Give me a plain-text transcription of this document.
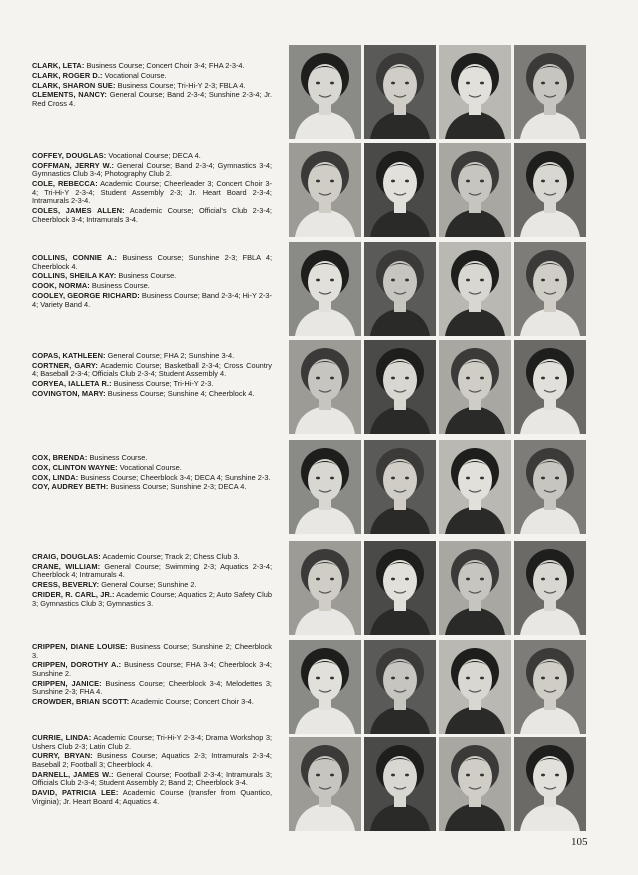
CLARK, LETA: Business Course; Concert Choir 3-4; FHA 2-3-4.

CLARK, ROGER D.: Vocational Course.

CLARK, SHARON SUE: Business Course; Tri-Hi-Y 2-3; FBLA 4.

CLEMENTS, NANCY: General Course; Band 2-3-4; Sunshine 2-3-4; Jr. Red Cross 4.

COFFEY, DOUGLAS: Vocational Course; DECA 4.

COFFMAN, JERRY W.: General Course; Band 2-3-4; Gymnastics 3-4; Gymnastics Club 3-4; Photography Club 2.

COLE, REBECCA: Academic Course; Cheerleader 3; Concert Choir 3-4; Tri-Hi-Y 2-3-4; Student Assembly 2-3; Jr. Heart Board 2-3-4; Intramurals 2-3-4.

COLES, JAMES ALLEN: Academic Course; Official's Club 2-3-4; Cheerblock 3-4; Intramurals 3-4.

COLLINS, CONNIE A.: Business Course; Sunshine 2-3; FBLA 4; Cheerblock 4.

COLLINS, SHEILA KAY: Business Course.

COOK, NORMA: Business Course.

COOLEY, GEORGE RICHARD: Business Course; Band 2-3-4; Hi-Y 2-3-4; Variety Band 4.

COPAS, KATHLEEN: General Course; FHA 2; Sunshine 3-4.

CORTNER, GARY: Academic Course; Basketball 2-3-4; Cross Country 4; Baseball 2-3-4; Officials Club 2-3-4; Student Assembly 4.

CORYEA, IALLETA R.: Business Course; Tri-Hi-Y 2-3.

COVINGTON, MARY: Business Course; Sunshine 4; Cheerblock 4.

COX, BRENDA: Business Course.

COX, CLINTON WAYNE: Vocational Course.

COX, LINDA: Business Course; Cheerblock 3-4; DECA 4; Sunshine 2-3.

COY, AUDREY BETH: Business Course; Sunshine 2-3; DECA 4.

CRAIG, DOUGLAS: Academic Course; Track 2; Chess Club 3.

CRANE, WILLIAM: General Course; Swimming 2-3; Aquatics 2-3-4; Cheerblock 4; Intramurals 4.

CRESS, BEVERLY: General Course; Sunshine 2.

CRIDER, R. CARL, JR.: Academic Course; Aquatics 2; Auto Safety Club 3; Gymnastics Club 3; Gymnastics 3.

CRIPPEN, DIANE LOUISE: Business Course; Sunshine 2; Cheerblock 3.

CRIPPEN, DOROTHY A.: Business Course; FHA 3-4; Cheerblock 3-4; Sunshine 2.

CRIPPEN, JANICE: Business Course; Cheerblock 3-4; Melodettes 3; Sunshine 2-3; FHA 4.

CROWDER, BRIAN SCOTT: Academic Course; Concert Choir 3-4.

CURRIE, LINDA: Academic Course; Tri-Hi-Y 2-3-4; Drama Workshop 3; Ushers Club 2-3; Latin Club 2.

CURRY, BRYAN: Business Course; Aquatics 2-3; Intramurals 2-3-4; Baseball 2; Football 3; Cheerblock 4.

DARNELL, JAMES W.: General Course; Football 2-3-4; Intramurals 3; Officials Club 2-3-4; Student Assembly 2; Band 2; Cheerblock 3-4.

DAVID, PATRICIA LEE: Academic Course (transfer from Quantico, Virginia); Jr. Heart Board 4; Aquatics 4.

105
